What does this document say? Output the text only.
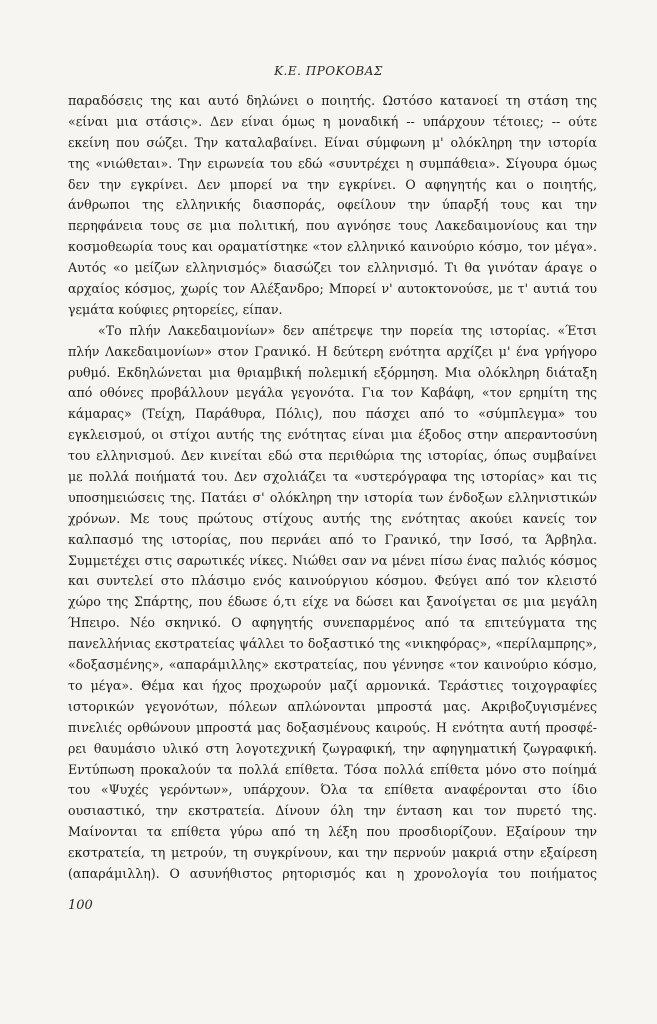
Κ.Ε. ΠΡΟΚΟΒΑΣ
παραδόσεις της και αυτό δηλώνει ο ποιητής. Ωστόσο κατανοεί τη στάση της
«είναι μια στάσις». Δεν είναι όμως η μοναδική -- υπάρχουν τέτοιες; -- ούτε
εκείνη που σώζει. Την καταλαβαίνει. Είναι σύμφωνη μ' ολόκληρη την ιστορία
της «νιώθεται». Την ειρωνεία του εδώ «συντρέχει η συμπάθεια». Σίγουρα όμως
δεν την εγκρίνει. Δεν μπορεί να την εγκρίνει. Ο αφηγητής και ο ποιητής,
άνθρωποι της ελληνικής διασποράς, οφείλουν την ύπαρξή τους και την
περηφάνεια τους σε μια πολιτική, που αγνόησε τους Λακεδαιμονίους και την
κοσμοθεωρία τους και οραματίστηκε «τον ελληνικό καινούριο κόσμο, τον μέγα».
Αυτός «ο μείζων ελληνισμός» διασώζει τον ελληνισμό. Τι θα γινόταν άραγε ο
αρχαίος κόσμος, χωρίς τον Αλέξανδρο; Μπορεί ν' αυτοκτονούσε, με τ' αυτιά του
γεμάτα κούφιες ρητορείες, είπαν.
«Το πλήν Λακεδαιμονίων» δεν απέτρεψε την πορεία της ιστορίας. «Έτσι
πλήν Λακεδαιμονίων» στον Γρανικό. Η δεύτερη ενότητα αρχίζει μ' ένα γρήγορο
ρυθμό. Εκδηλώνεται μια θριαμβική πολεμική εξόρμηση. Μια ολόκληρη διάταξη
από οθόνες προβάλλουν μεγάλα γεγονότα. Για τον Καβάφη, «τον ερημίτη της
κάμαρας» (Τείχη, Παράθυρα, Πόλις), που πάσχει από το «σύμπλεγμα» του
εγκλεισμού, οι στίχοι αυτής της ενότητας είναι μια έξοδος στην απεραντοσύνη
του ελληνισμού. Δεν κινείται εδώ στα περιθώρια της ιστορίας, όπως συμβαίνει
με πολλά ποιήματά του. Δεν σχολιάζει τα «υστερόγραφα της ιστορίας» και τις
υποσημειώσεις της. Πατάει σ' ολόκληρη την ιστορία των ένδοξων ελληνιστικών
χρόνων. Με τους πρώτους στίχους αυτής της ενότητας ακούει κανείς τον
καλπασμό της ιστορίας, που περνάει από το Γρανικό, την Ισσό, τα Άρβηλα.
Συμμετέχει στις σαρωτικές νίκες. Νιώθει σαν να μένει πίσω ένας παλιός κόσμος
και συντελεί στο πλάσιμο ενός καινούργιου κόσμου. Φεύγει από τον κλειστό
χώρο της Σπάρτης, που έδωσε ό,τι είχε να δώσει και ξανοίγεται σε μια μεγάλη
Ήπειρο. Νέο σκηνικό. Ο αφηγητής συνεπαρμένος από τα επιτεύγματα της
πανελλήνιας εκστρατείας ψάλλει το δοξαστικό της «νικηφόρας», «περίλαμπρης»,
«δοξασμένης», «απαράμιλλης» εκστρατείας, που γέννησε «τον καινούριο κόσμο,
το μέγα». Θέμα και ήχος προχωρούν μαζί αρμονικά. Τεράστιες τοιχογραφίες
ιστορικών γεγονότων, πόλεων απλώνονται μπροστά μας. Ακριβοζυγισμένες
πινελιές ορθώνουν μπροστά μας δοξασμένους καιρούς. Η ενότητα αυτή προσφέ-
ρει θαυμάσιο υλικό στη λογοτεχνική ζωγραφική, την αφηγηματική ζωγραφική.
Εντύπωση προκαλούν τα πολλά επίθετα. Τόσα πολλά επίθετα μόνο στο ποίημά
του «Ψυχές γερόντων», υπάρχουν. Όλα τα επίθετα αναφέρονται στο ίδιο
ουσιαστικό, την εκστρατεία. Δίνουν όλη την ένταση και τον πυρετό της.
Μαίνονται τα επίθετα γύρω από τη λέξη που προσδιορίζουν. Εξαίρουν την
εκστρατεία, τη μετρούν, τη συγκρίνουν, και την περνούν μακριά στην εξαίρεση
(απαράμιλλη). Ο ασυνήθιστος ρητορισμός και η χρονολογία του ποιήματος
100
